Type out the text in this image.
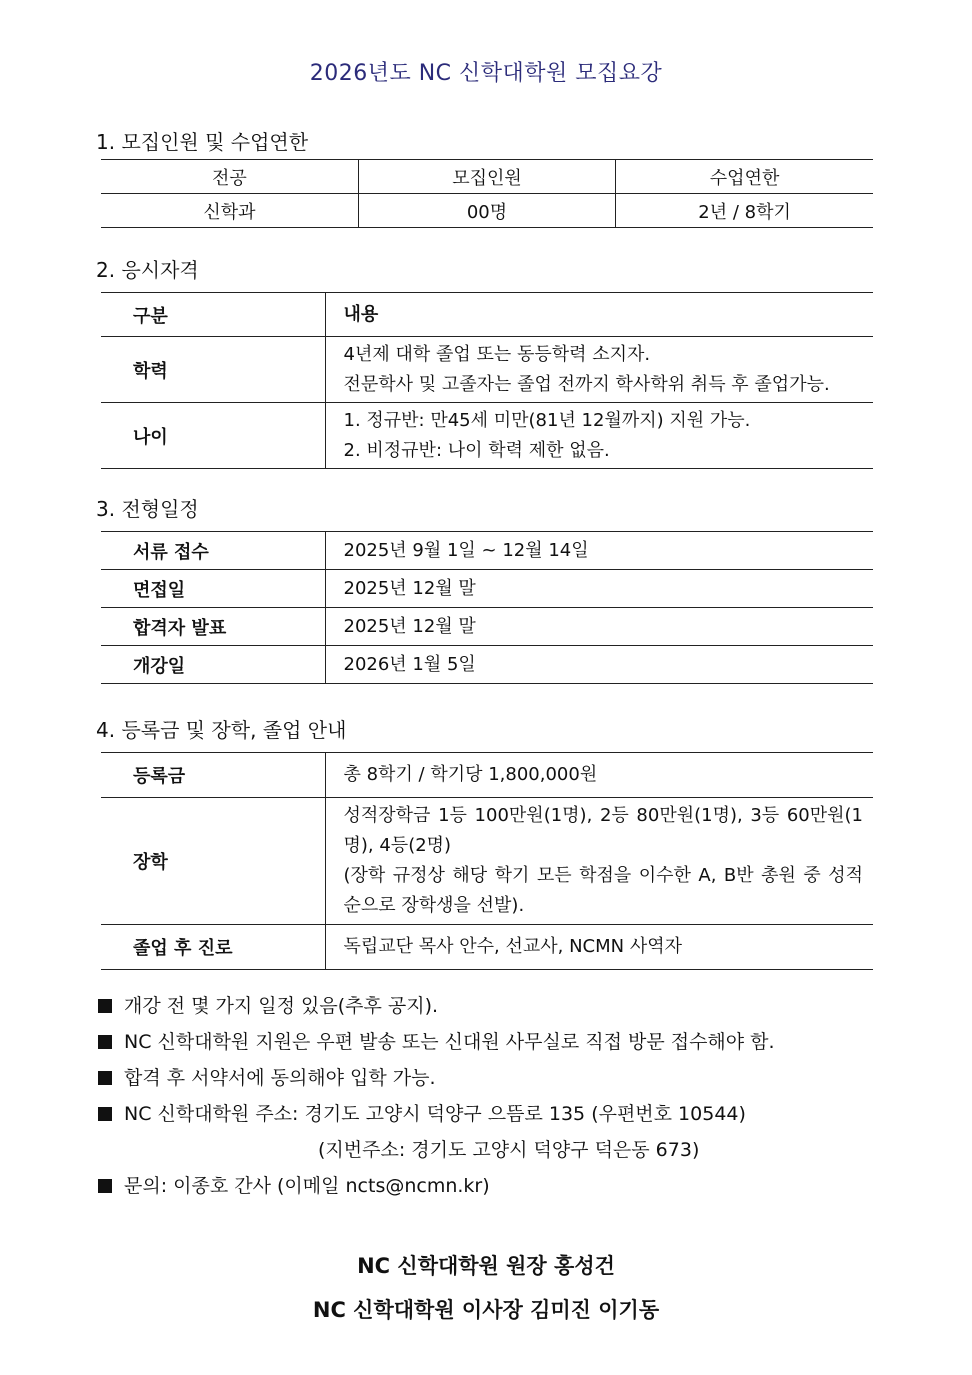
2026년도 NC 신학대학원 모집요강
1. 모집인원 및 수업연한
전공	모집인원	수업연한
신학과	00명	2년 / 8학기
2. 응시자격
구분	내용
학력	4년제 대학 졸업 또는 동등학력 소지자.
전문학사 및 고졸자는 졸업 전까지 학사학위 취득 후 졸업가능.

나이	1. 정규반: 만45세 미만(81년 12월까지) 지원 가능.
2. 비정규반: 나이 학력 제한 없음.
3. 전형일정
서류 접수	2025년 9월 1일 ~ 12월 14일
면접일	2025년 12월 말
합격자 발표	2025년 12월 말
개강일	2026년 1월 5일
4. 등록금 및 장학, 졸업 안내
등록금	총 8학기 / 학기당 1,800,000원
장학	성적장학금 1등 100만원(1명), 2등 80만원(1명), 3등 60만원(1명), 4등(2명)
(장학 규정상 해당 학기 모든 학점을 이수한 A, B반 총원 중 성적 순으로 장학생을 선발).

졸업 후 진로	독립교단 목사 안수, 선교사, NCMN 사역자
개강 전 몇 가지 일정 있음(추후 공지).
NC 신학대학원 지원은 우편 발송 또는 신대원 사무실로 직접 방문 접수해야 함.
합격 후 서약서에 동의해야 입학 가능.
NC 신학대학원 주소: 경기도 고양시 덕양구 으뜸로 135 (우편번호 10544)
(지번주소: 경기도 고양시 덕양구 덕은동 673)
문의: 이종호 간사 (이메일 ncts@ncmn.kr)
NC 신학대학원 원장 홍성건
NC 신학대학원 이사장 김미진 이기동
